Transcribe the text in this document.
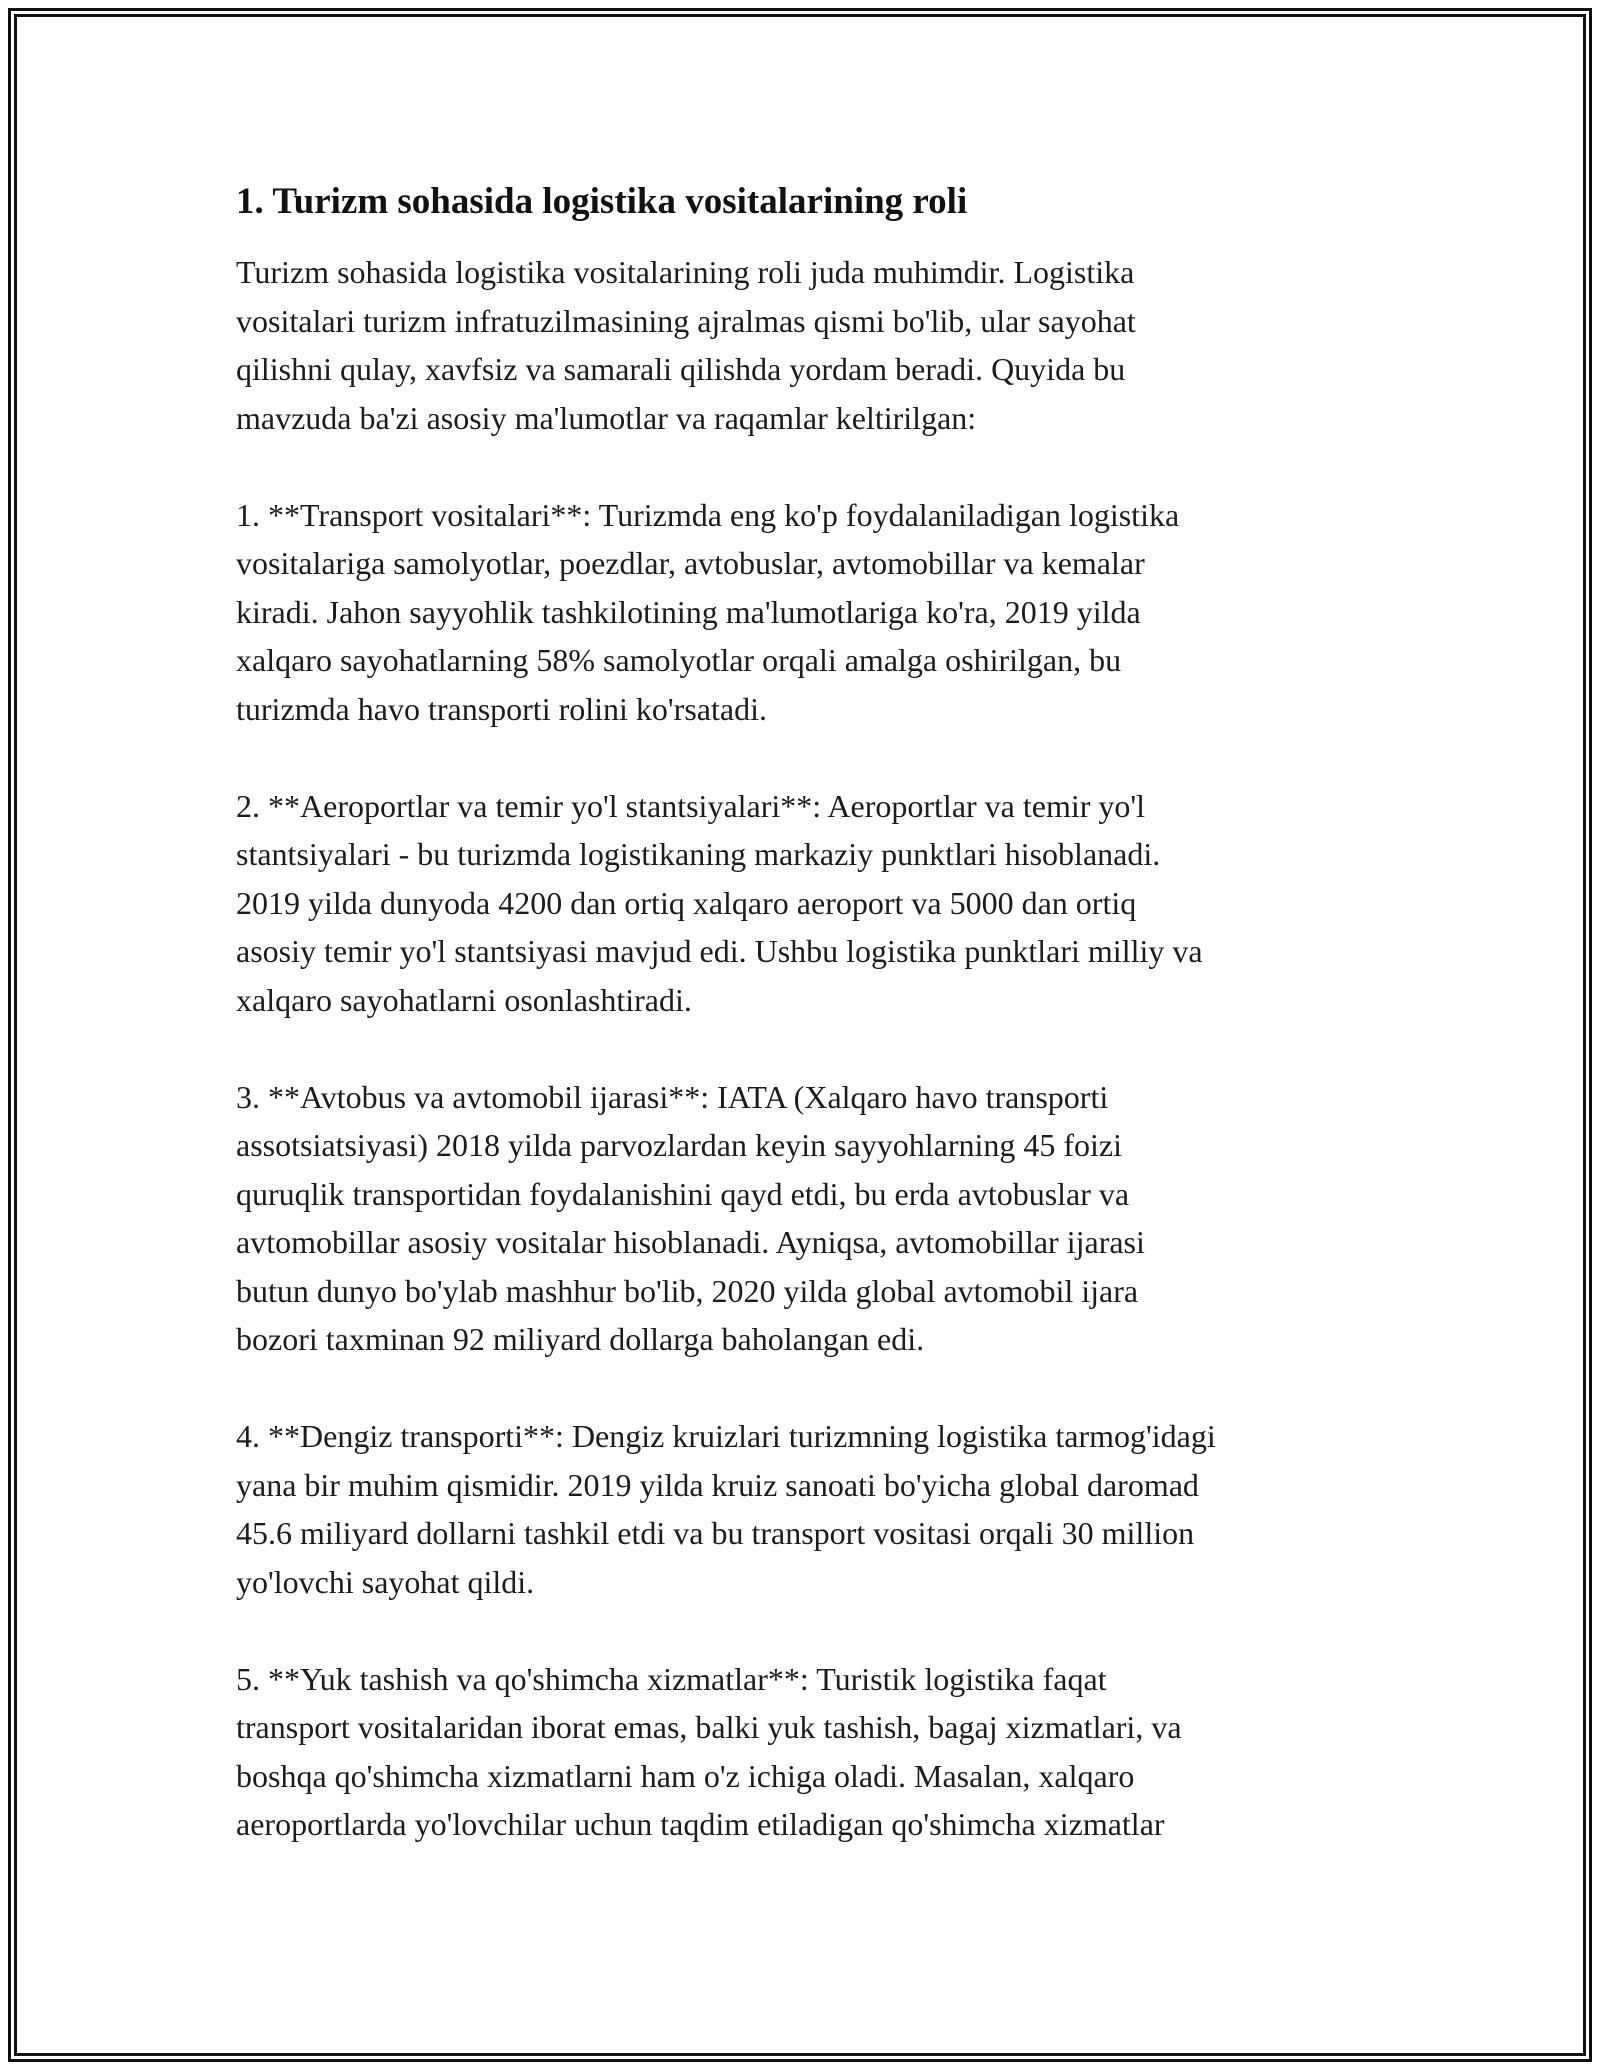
1. Turizm sohasida logistika vositalarining roli

Turizm sohasida logistika vositalarining roli juda muhimdir. Logistika
vositalari turizm infratuzilmasining ajralmas qismi bo'lib, ular sayohat
qilishni qulay, xavfsiz va samarali qilishda yordam beradi. Quyida bu
mavzuda ba'zi asosiy ma'lumotlar va raqamlar keltirilgan:

1. **Transport vositalari**: Turizmda eng ko'p foydalaniladigan logistika
vositalariga samolyotlar, poezdlar, avtobuslar, avtomobillar va kemalar
kiradi. Jahon sayyohlik tashkilotining ma'lumotlariga ko'ra, 2019 yilda
xalqaro sayohatlarning 58% samolyotlar orqali amalga oshirilgan, bu
turizmda havo transporti rolini ko'rsatadi.

2. **Aeroportlar va temir yo'l stantsiyalari**: Aeroportlar va temir yo'l
stantsiyalari - bu turizmda logistikaning markaziy punktlari hisoblanadi.
2019 yilda dunyoda 4200 dan ortiq xalqaro aeroport va 5000 dan ortiq
asosiy temir yo'l stantsiyasi mavjud edi. Ushbu logistika punktlari milliy va
xalqaro sayohatlarni osonlashtiradi.

3. **Avtobus va avtomobil ijarasi**: IATA (Xalqaro havo transporti
assotsiatsiyasi) 2018 yilda parvozlardan keyin sayyohlarning 45 foizi
quruqlik transportidan foydalanishini qayd etdi, bu erda avtobuslar va
avtomobillar asosiy vositalar hisoblanadi. Ayniqsa, avtomobillar ijarasi
butun dunyo bo'ylab mashhur bo'lib, 2020 yilda global avtomobil ijara
bozori taxminan 92 miliyard dollarga baholangan edi.

4. **Dengiz transporti**: Dengiz kruizlari turizmning logistika tarmog'idagi
yana bir muhim qismidir. 2019 yilda kruiz sanoati bo'yicha global daromad
45.6 miliyard dollarni tashkil etdi va bu transport vositasi orqali 30 million
yo'lovchi sayohat qildi.

5. **Yuk tashish va qo'shimcha xizmatlar**: Turistik logistika faqat
transport vositalaridan iborat emas, balki yuk tashish, bagaj xizmatlari, va
boshqa qo'shimcha xizmatlarni ham o'z ichiga oladi. Masalan, xalqaro
aeroportlarda yo'lovchilar uchun taqdim etiladigan qo'shimcha xizmatlar
